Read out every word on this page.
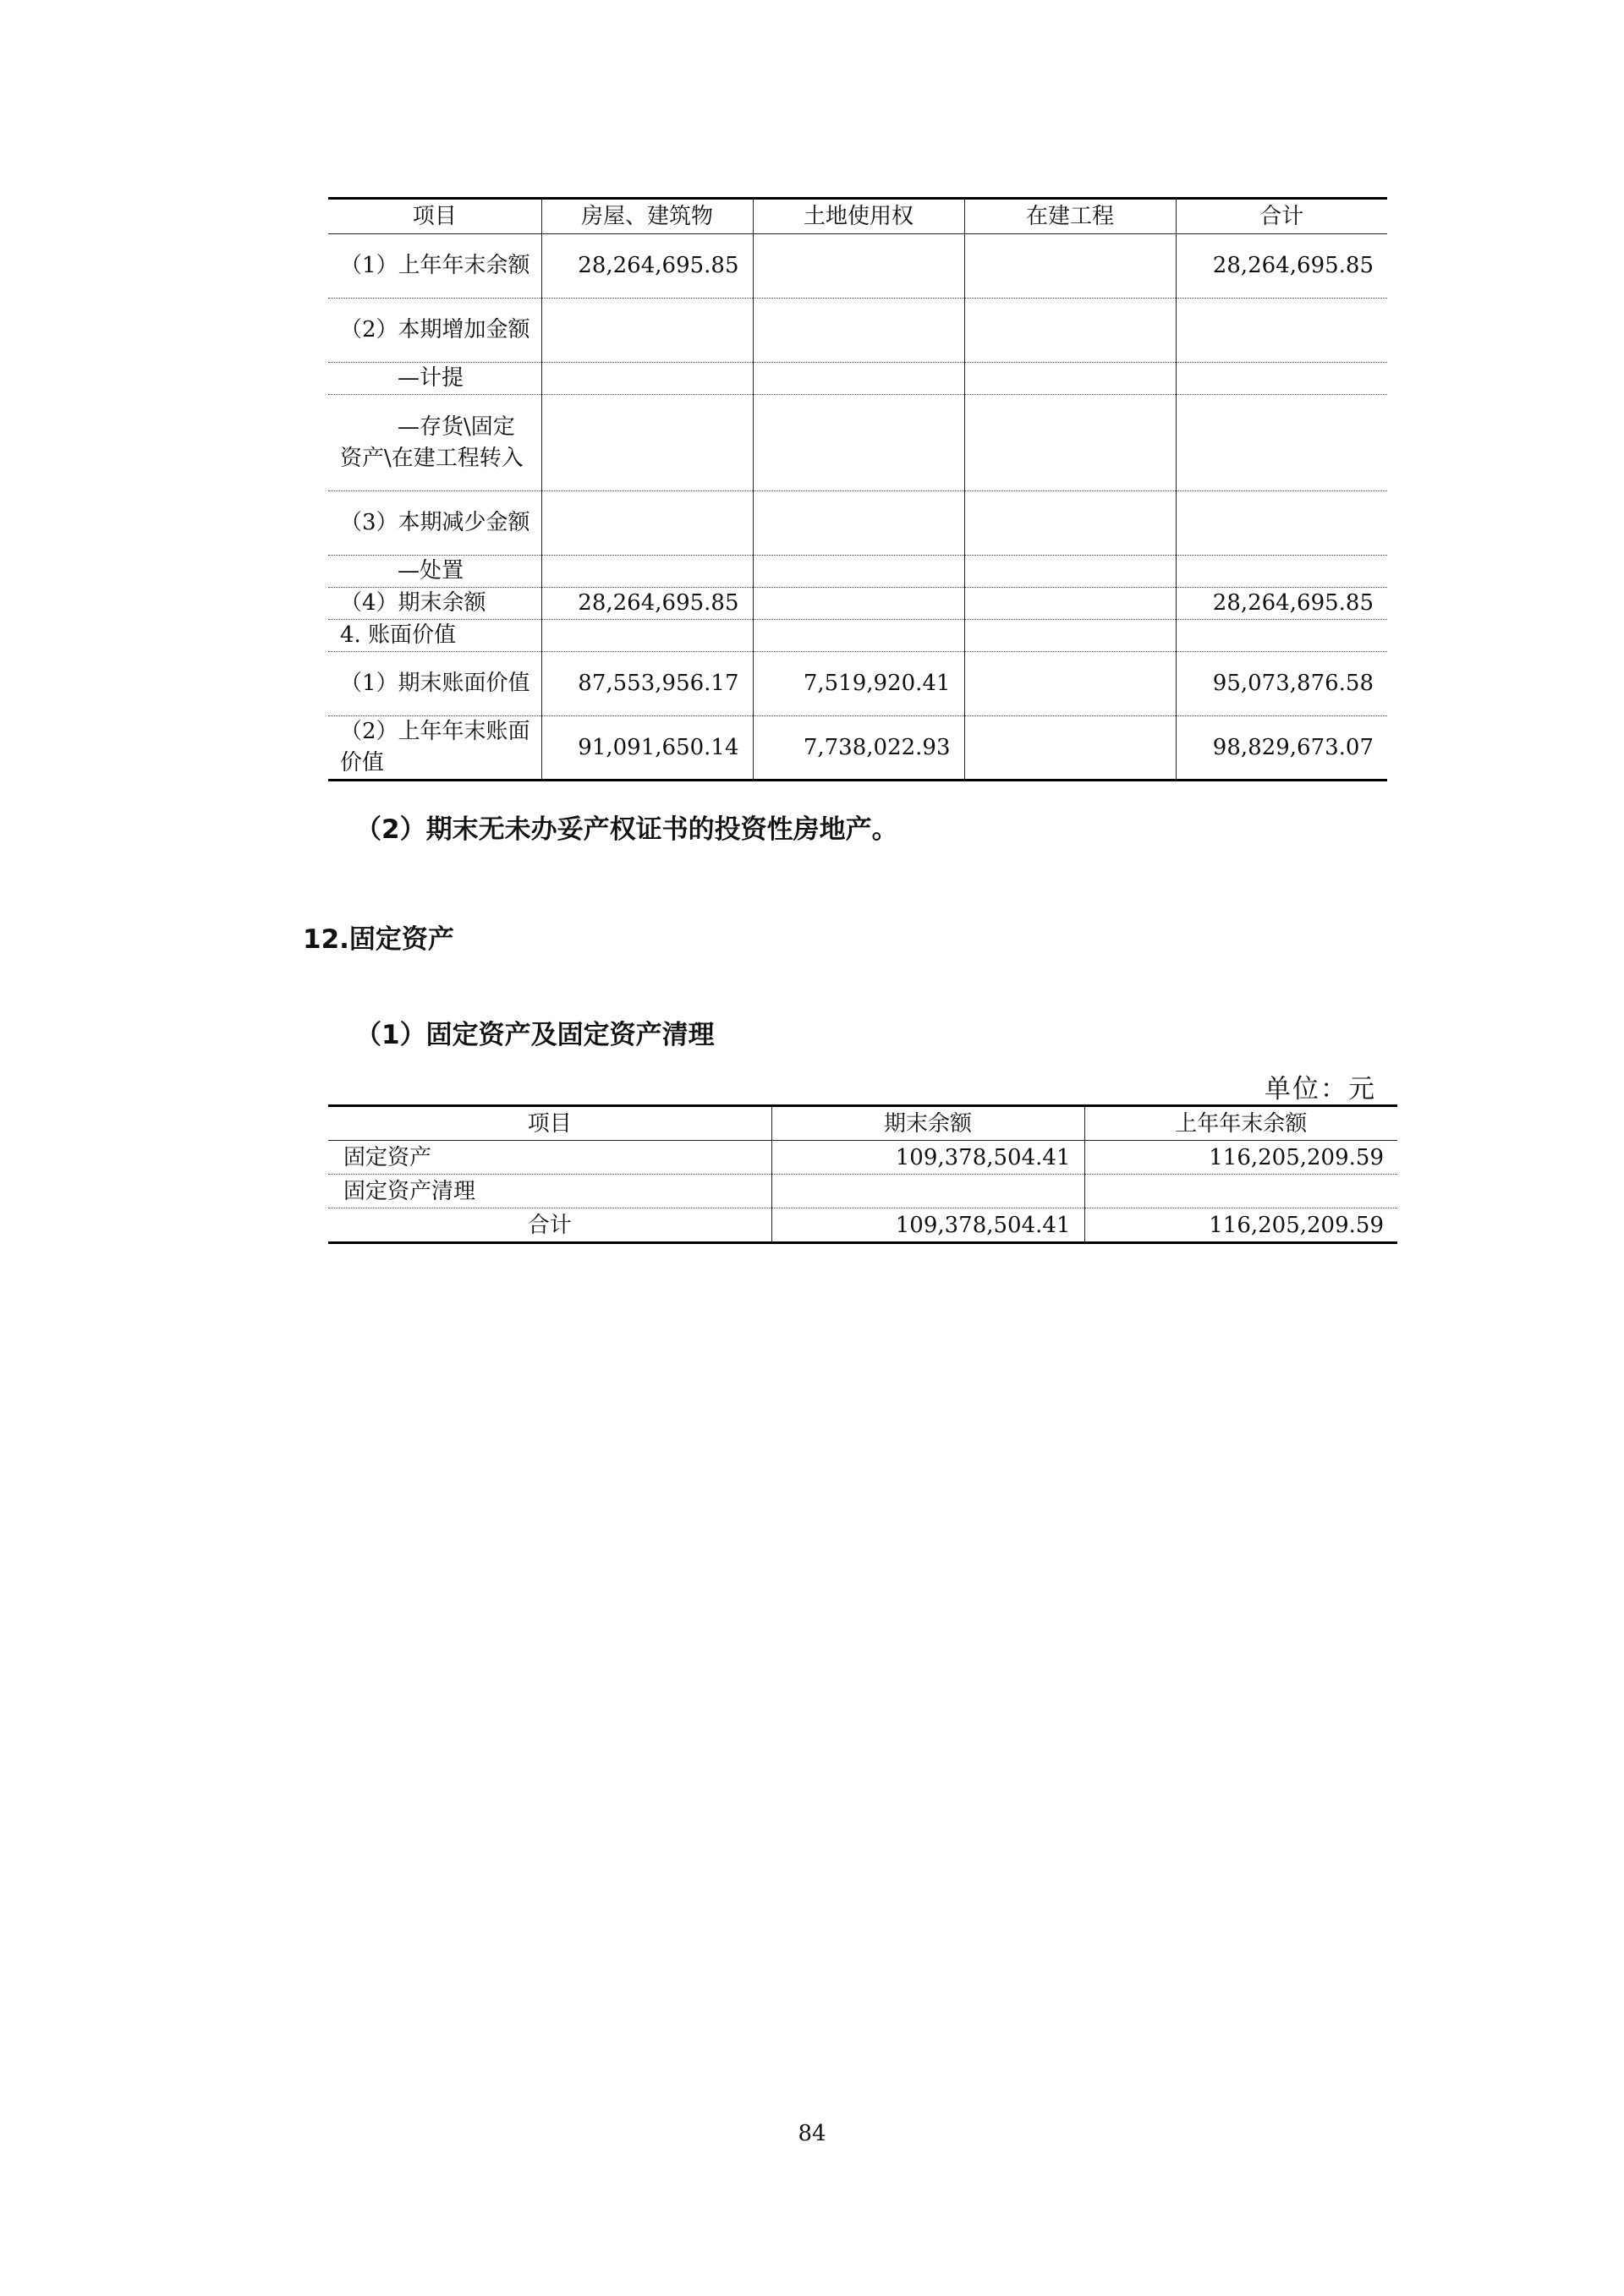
项目	房屋、建筑物	土地使用权	在建工程	合计
（1）上年年末余额	28,264,695.85			28,264,695.85
（2）本期增加金额				
—计提				
—存货\固定资产\在建工程转入				
（3）本期减少金额				
—处置				
（4）期末余额	28,264,695.85			28,264,695.85
4. 账面价值				
（1）期末账面价值	87,553,956.17	7,519,920.41		95,073,876.58
（2）上年年末账面价值	91,091,650.14	7,738,022.93		98,829,673.07

（2）期末无未办妥产权证书的投资性房地产。

12.固定资产
（1）固定资产及固定资产清理
单位：元
项目	期末余额	上年年末余额
固定资产	109,378,504.41	116,205,209.59
固定资产清理		
合计	109,378,504.41	116,205,209.59
84
